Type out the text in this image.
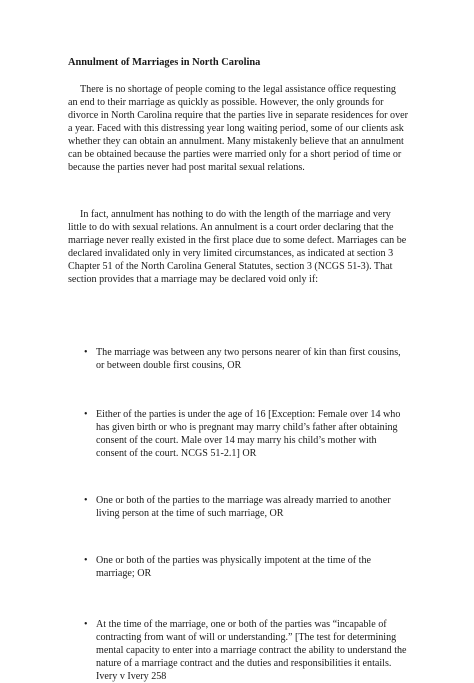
Annulment of Marriages in North Carolina

There is no shortage of people coming to the legal assistance office requesting an end to their marriage as quickly as possible. However, the only grounds for divorce in North Carolina require that the parties live in separate residences for over a year. Faced with this distressing year long waiting period, some of our clients ask whether they can obtain an annulment. Many mistakenly believe that an annulment can be obtained because the parties were married only for a short period of time or because the parties never had post marital sexual relations.

In fact, annulment has nothing to do with the length of the marriage and very little to do with sexual relations. An annulment is a court order declaring that the marriage never really existed in the first place due to some defect. Marriages can be declared invalidated only in very limited circumstances, as indicated at section 3 Chapter 51 of the North Carolina General Statutes, section 3 (NCGS 51-3). That section provides that a marriage may be declared void only if:

• The marriage was between any two persons nearer of kin than first cousins, or between double first cousins, OR
• Either of the parties is under the age of 16 [Exception: Female over 14 who has given birth or who is pregnant may marry child’s father after obtaining consent of the court. Male over 14 may marry his child’s mother with consent of the court. NCGS 51-2.1] OR
• One or both of the parties to the marriage was already married to another living person at the time of such marriage, OR
• One or both of the parties was physically impotent at the time of the marriage; OR
• At the time of the marriage, one or both of the parties was “incapable of contracting from want of will or understanding.” [The test for determining mental capacity to enter into a marriage contract the ability to understand the nature of a marriage contract and the duties and responsibilities it entails. Ivery v Ivery 258
